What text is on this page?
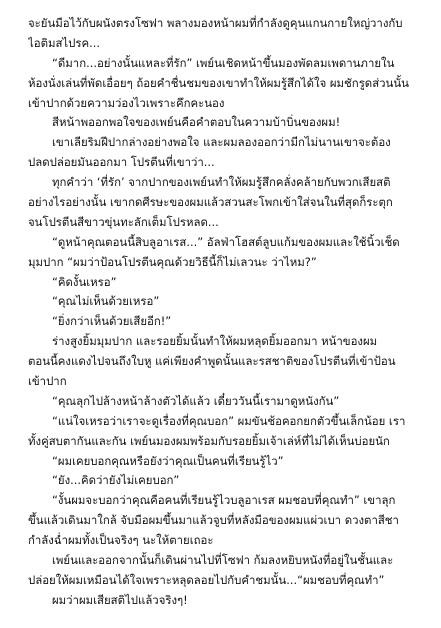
จะยันมือไว้กับผนังตรงโซฟา พลางมองหน้าผมที่กำลังดูคุนแกนกายใหญ่วางกับ
ไอติมสไปรค...
“ดีมาก...อย่างนั้นแหละที่รัก” เพย์นเชิดหน้าขึ้นมองพัดลมเพดานภายใน
ห้องนั่งเล่นที่พัดเอื่อยๆ ถ้อยคำชื่นชมของเขาทำให้ผมรู้สึกได้ใจ ผมชักรูดส่วนนั้น
เข้าปากด้วยความว่องไวเพราะคึกคะนอง
สีหน้าพออกพอใจของเพย์นคือคำตอบในความบ้าบิ่นของผม!
เขาเลียริมฝีปากล่างอย่างพอใจ และผมลองออกว่ามีกไม่นานเขาจะต้อง
ปลดปล่อยมันออกมา โปรตีนที่เขาว่า...
ทุกคำว่า ‘ที่รัก’ จากปากของเพย์นทำให้ผมรู้สึกคลั่งคล้ายกับพวกเสียสติ
อย่างไรอย่างนั้น เขากดศีรษะของผมแล้วสวนสะโพกเข้าใส่จนในที่สุดก็ระตุก
จนโปรตีนสีขาวขุ่นทะลักเต็มโปรหลด...
“ดูหน้าคุณตอนนี้สิบลูอาเรส...” อัลฟ่าโฮสต์ลูบแก้มของผมและใช้นิ้วเช็ด
มุมปาก “ผมว่าป้อนโปรตีนคุณด้วยวิธีนี้ก็ไม่เลวนะ ว่าไหม?”
“คิดงั้นเหรอ”
“คุณไม่เห็นด้วยเหรอ”
“ยิ่งกว่าเห็นด้วยเสียอีก!”
ร่างสูงยิ้มมุมปาก และรอยยิ้มนั้นทำให้ผมหลุดยิ้มออกมา หน้าของผม
ตอนนี้คงแดงไปจนถึงใบหู แค่เพียงคำพูดนั้นและรสชาติของโปรตีนที่เข้าป้อน
เข้าปาก
“คุณลุกไปล้างหน้าล้างตัวได้แล้ว เดี๋ยววันนี้เรามาดูหนังกัน”
“แน่ใจเหรอว่าเราจะดูเรื่องที่คุณบอก” ผมขันช้อคอกยกตัวขึ้นเล็กน้อย เรา
ทั้งคู่สบตากันและกัน เพย์นมองผมพร้อมกับรอยยิ้มเจ้าเล่ห์ที่ไม่ได้เห็นบ่อยนัก
“ผมเคยบอกคุณหรือยังว่าคุณเป็นคนที่เรียนรู้ไว”
“ยัง...คิดว่ายังไม่เคยบอก”
“งั้นผมจะบอกว่าคุณคือคนที่เรียนรู้ไวบลูอาเรส ผมชอบที่คุณทำ” เขาลุก
ขึ้นแล้วเดินมาใกล้ จับมือผมขึ้นมาแล้วจูบที่หลังมือของผมแผ่วเบา ดวงตาสีชา
กำลังฉ่ำผมทั้งเป็นจริงๆ นะให้ตายเถอะ
เพย์นและออกจากนั้นก็เดินผ่านไปที่โซฟา ก้มลงหยิบหนังที่อยู่ในชั้นและ
ปล่อยให้ผมเหมือนได้ใจเพราะหลุดลอยไปกับคำชมนั้น...“ผมชอบที่คุณทำ”
ผมว่าผมเสียสติไปแล้วจริงๆ!
